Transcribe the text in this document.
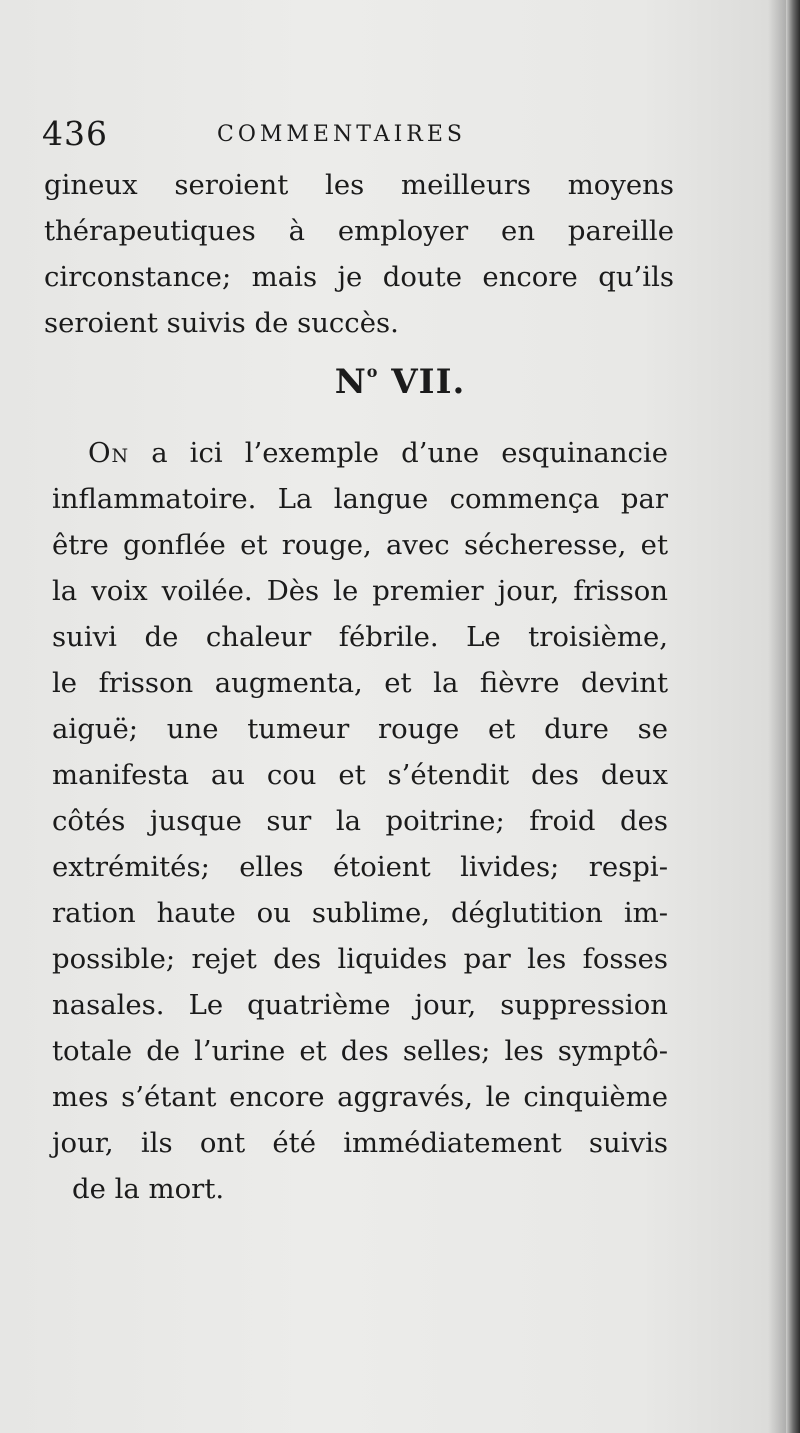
436	COMMENTAIRES
gineux seroient les meilleurs moyens
thérapeutiques à employer en pareille
circonstance; mais je doute encore qu’ils
seroient suivis de succès.
$N^o$ VII.
On a ici l’exemple d’une esquinancie
inflammatoire. La langue commença par
être gonflée et rouge, avec sécheresse, et
la voix voilée. Dès le premier jour, frisson
suivi de chaleur fébrile. Le troisième,
le frisson augmenta, et la fièvre devint
aiguë; une tumeur rouge et dure se
manifesta au cou et s’étendit des deux
côtés jusque sur la poitrine; froid des
extrémités; elles étoient livides; respi-
ration haute ou sublime, déglutition im-
possible; rejet des liquides par les fosses
nasales. Le quatrième jour, suppression
totale de l’urine et des selles; les symptô-
mes s’étant encore aggravés, le cinquième
jour, ils ont été immédiatement suivis
de la mort.
